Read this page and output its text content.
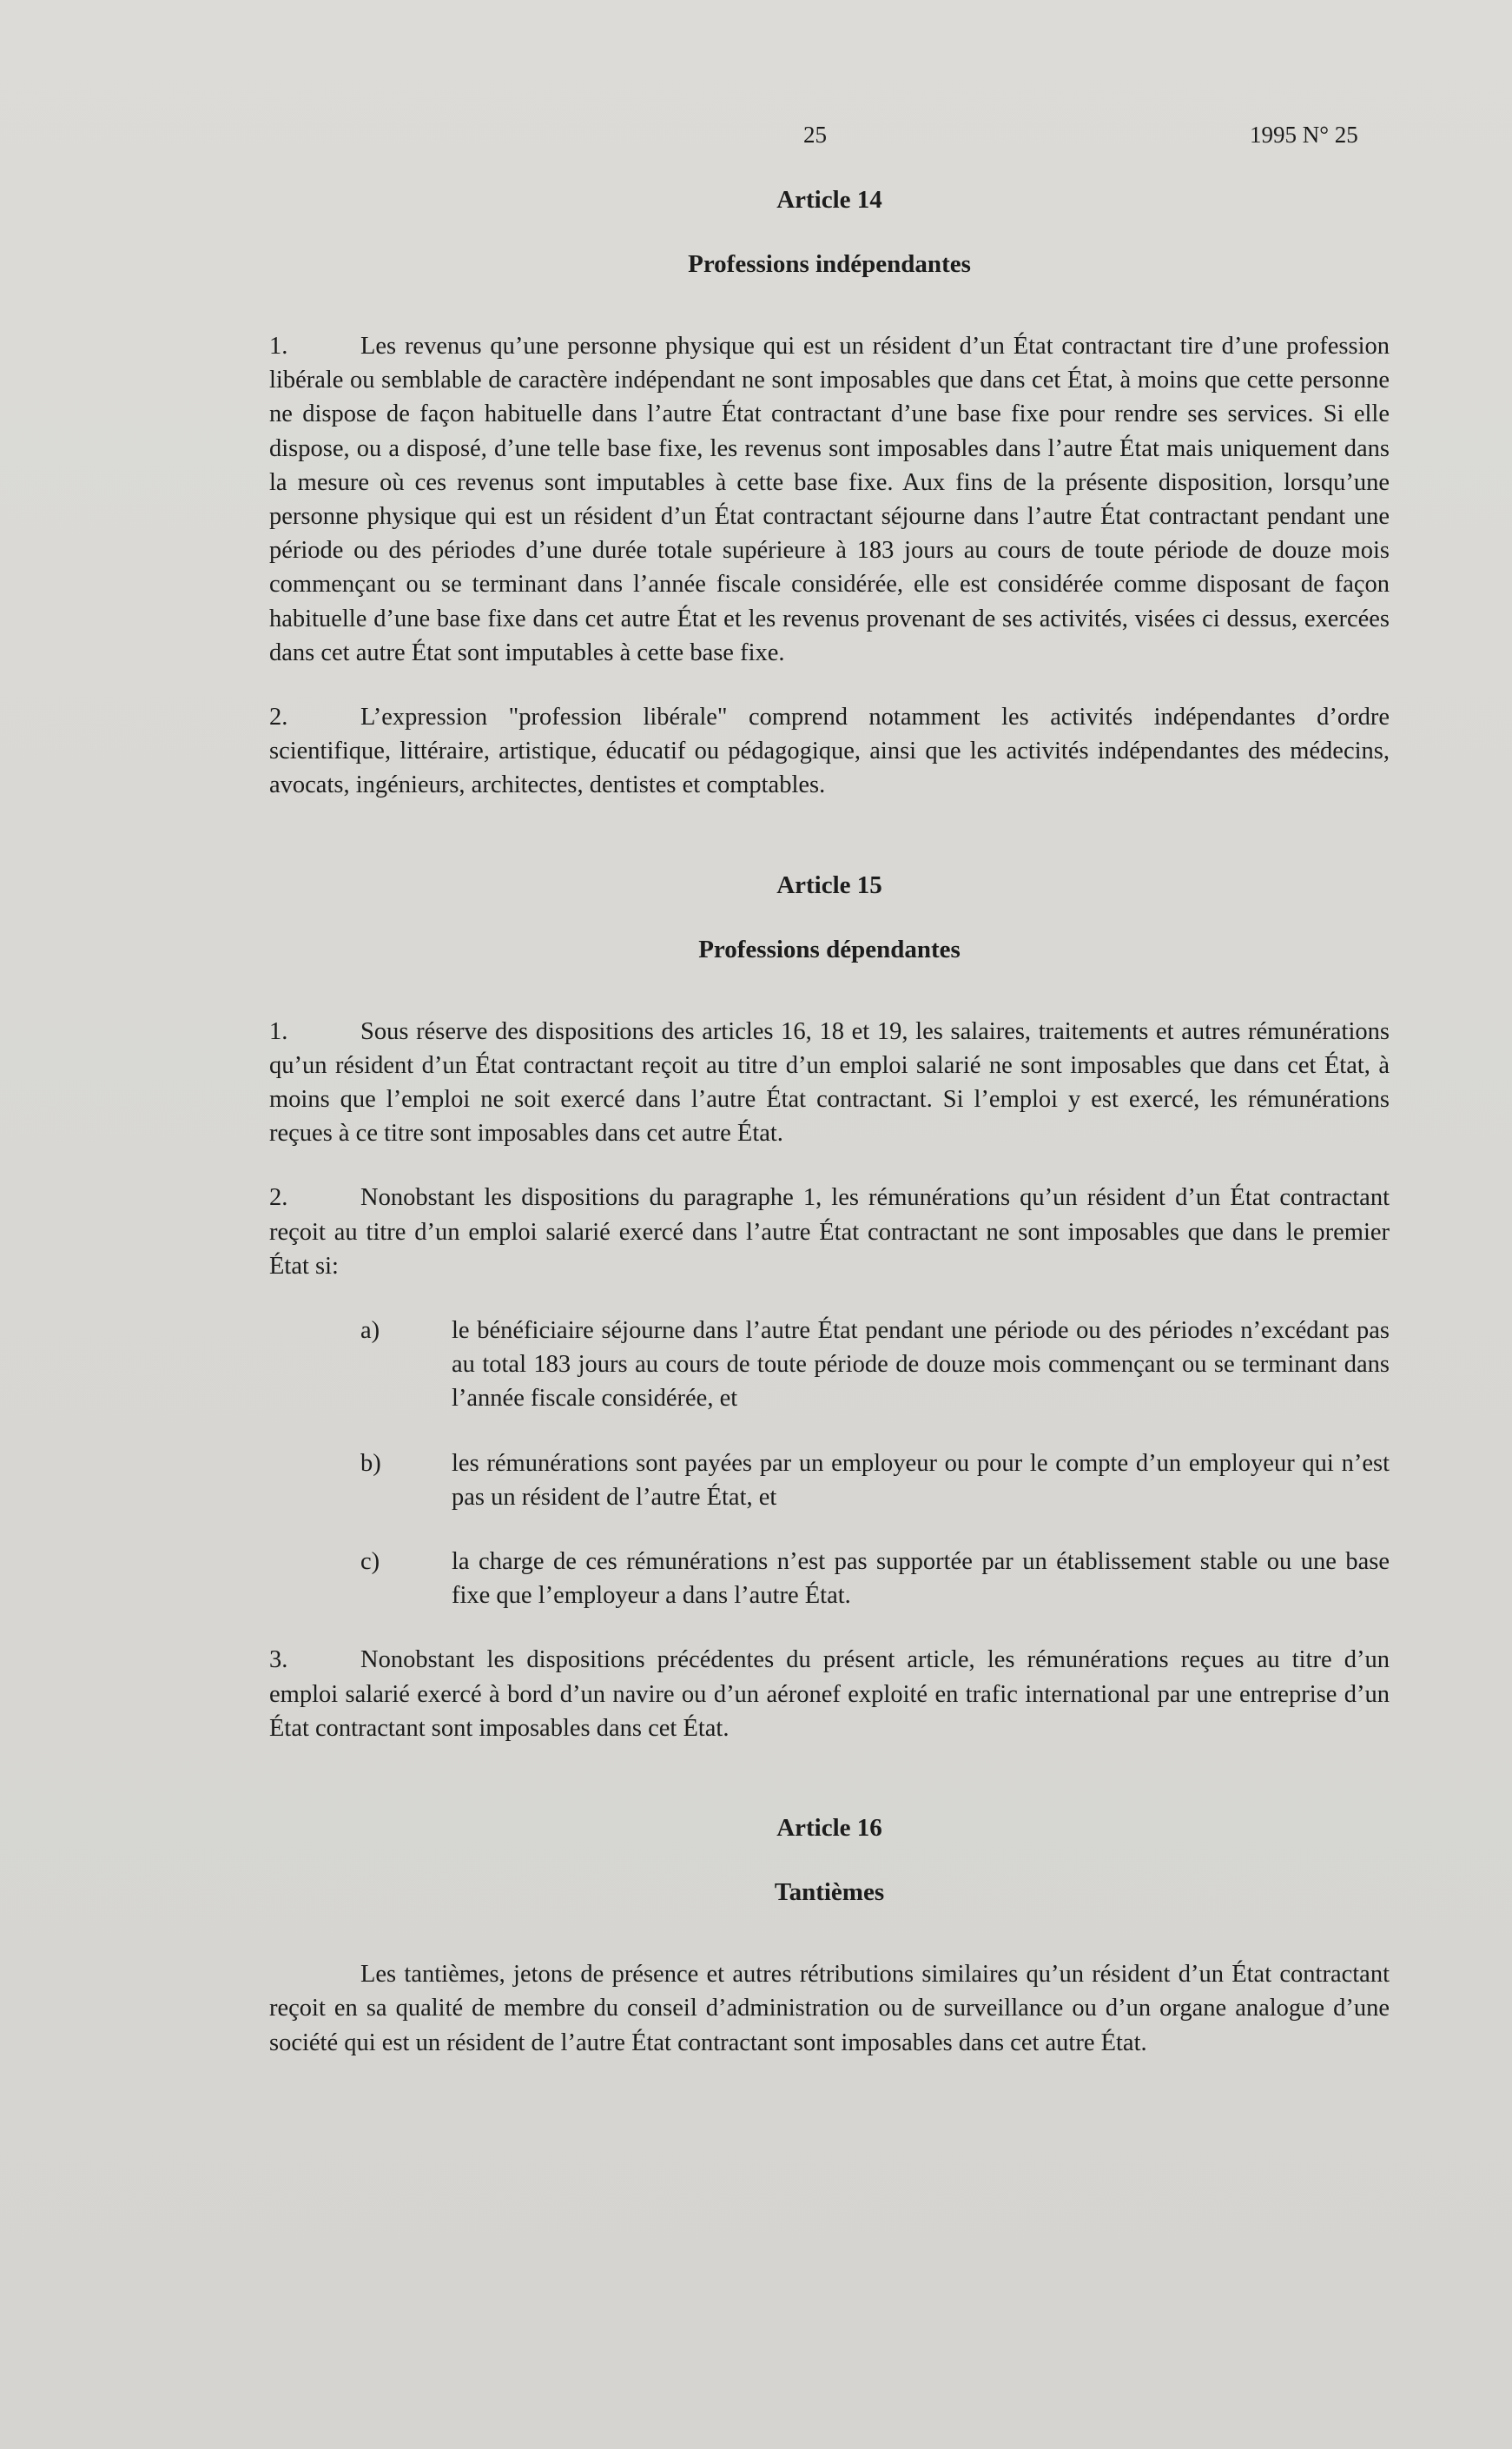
25	1995 N° 25
Article 14
Professions indépendantes

1.	Les revenus qu’une personne physique qui est un résident d’un État contractant tire d’une profession libérale ou semblable de caractère indépendant ne sont imposables que dans cet État, à moins que cette personne ne dispose de façon habituelle dans l’autre État contractant d’une base fixe pour rendre ses services. Si elle dispose, ou a disposé, d’une telle base fixe, les revenus sont imposables dans l’autre État mais uniquement dans la mesure où ces revenus sont imputables à cette base fixe. Aux fins de la présente disposition, lorsqu’une personne physique qui est un résident d’un État contractant séjourne dans l’autre État contractant pendant une période ou des périodes d’une durée totale supérieure à 183 jours au cours de toute période de douze mois commençant ou se terminant dans l’année fiscale considérée, elle est considérée comme disposant de façon habituelle d’une base fixe dans cet autre État et les revenus provenant de ses activités, visées ci dessus, exercées dans cet autre État sont imputables à cette base fixe.

2.	L’expression "profession libérale" comprend notamment les activités indépendantes d’ordre scientifique, littéraire, artistique, éducatif ou pédagogique, ainsi que les activités indépendantes des médecins, avocats, ingénieurs, architectes, dentistes et comptables.

Article 15
Professions dépendantes

1.	Sous réserve des dispositions des articles 16, 18 et 19, les salaires, traitements et autres rémunérations qu’un résident d’un État contractant reçoit au titre d’un emploi salarié ne sont imposables que dans cet État, à moins que l’emploi ne soit exercé dans l’autre État contractant. Si l’emploi y est exercé, les rémunérations reçues à ce titre sont imposables dans cet autre État.

2.	Nonobstant les dispositions du paragraphe 1, les rémunérations qu’un résident d’un État contractant reçoit au titre d’un emploi salarié exercé dans l’autre État contractant ne sont imposables que dans le premier État si:

a)	le bénéficiaire séjourne dans l’autre État pendant une période ou des périodes n’excédant pas au total 183 jours au cours de toute période de douze mois commençant ou se terminant dans l’année fiscale considérée, et

b)	les rémunérations sont payées par un employeur ou pour le compte d’un employeur qui n’est pas un résident de l’autre État, et

c)	la charge de ces rémunérations n’est pas supportée par un établissement stable ou une base fixe que l’employeur a dans l’autre État.

3.	Nonobstant les dispositions précédentes du présent article, les rémunérations reçues au titre d’un emploi salarié exercé à bord d’un navire ou d’un aéronef exploité en trafic international par une entreprise d’un État contractant sont imposables dans cet État.

Article 16
Tantièmes

Les tantièmes, jetons de présence et autres rétributions similaires qu’un résident d’un État contractant reçoit en sa qualité de membre du conseil d’administration ou de surveillance ou d’un organe analogue d’une société qui est un résident de l’autre État contractant sont imposables dans cet autre État.
